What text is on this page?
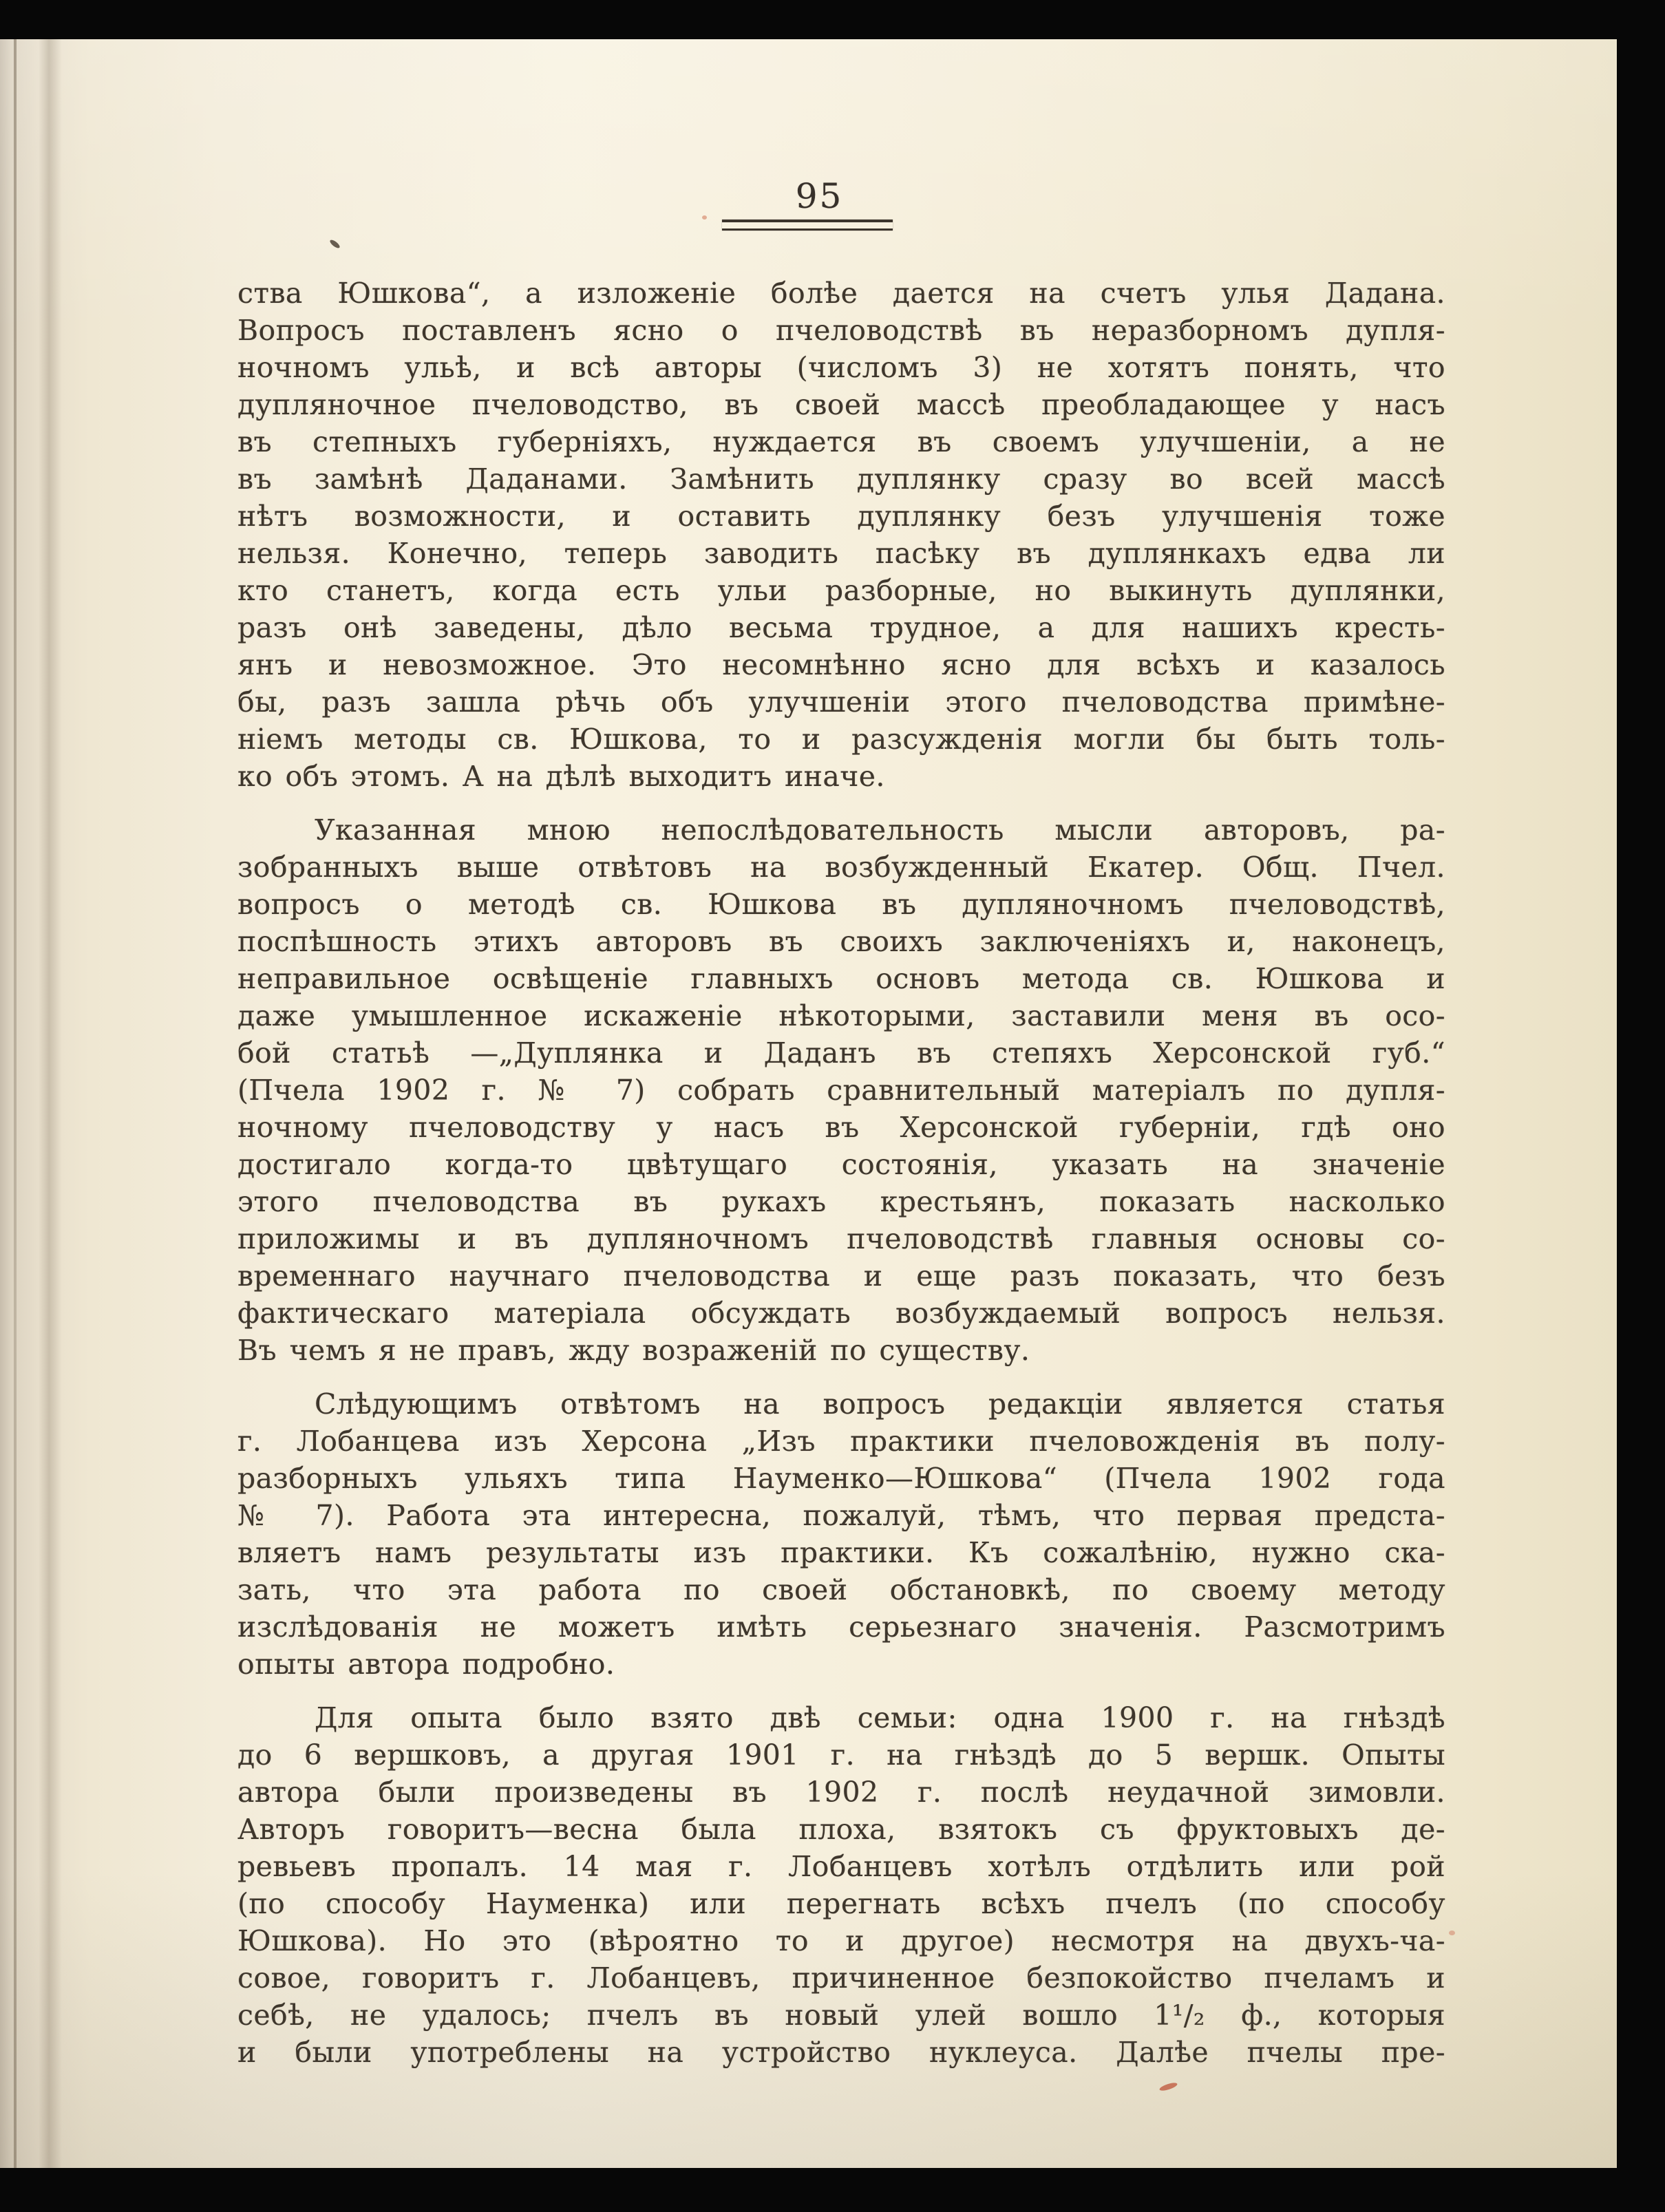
95

ства Юшкова“, а изложеніе болѣе дается на счетъ улья Дадана.
Вопросъ поставленъ ясно о пчеловодствѣ въ неразборномъ дупля-
ночномъ ульѣ, и всѣ авторы (числомъ 3) не хотятъ понять, что
дупляночное пчеловодство, въ своей массѣ преобладающее у насъ
въ степныхъ губерніяхъ, нуждается въ своемъ улучшеніи, а не
въ замѣнѣ Даданами. Замѣнить дуплянку сразу во всей массѣ
нѣтъ возможности, и оставить дуплянку безъ улучшенія тоже
нельзя. Конечно, теперь заводить пасѣку въ дуплянкахъ едва ли
кто станетъ, когда есть ульи разборные, но выкинуть дуплянки,
разъ онѣ заведены, дѣло весьма трудное, а для нашихъ кресть-
янъ и невозможное. Это несомнѣнно ясно для всѣхъ и казалось
бы, разъ зашла рѣчь объ улучшеніи этого пчеловодства примѣне-
ніемъ методы св. Юшкова, то и разсужденія могли бы быть толь-
ко объ этомъ. А на дѣлѣ выходитъ иначе.

Указанная мною непослѣдовательность мысли авторовъ, ра-
зобранныхъ выше отвѣтовъ на возбужденный Екатер. Общ. Пчел.
вопросъ о методѣ св. Юшкова въ дупляночномъ пчеловодствѣ,
поспѣшность этихъ авторовъ въ своихъ заключеніяхъ и, наконецъ,
неправильное освѣщеніе главныхъ основъ метода св. Юшкова и
даже умышленное искаженіе нѣкоторыми, заставили меня въ осо-
бой статьѣ —„Дуплянка и Даданъ въ степяхъ Херсонской губ.“
(Пчела 1902 г. № 7) собрать сравнительный матеріалъ по дупля-
ночному пчеловодству у насъ въ Херсонской губерніи, гдѣ оно
достигало когда-то цвѣтущаго состоянія, указать на значеніе
этого пчеловодства въ рукахъ крестьянъ, показать насколько
приложимы и въ дупляночномъ пчеловодствѣ главныя основы со-
временнаго научнаго пчеловодства и еще разъ показать, что безъ
фактическаго матеріала обсуждать возбуждаемый вопросъ нельзя.
Въ чемъ я не правъ, жду возраженій по существу.

Слѣдующимъ отвѣтомъ на вопросъ редакціи является статья
г. Лобанцева изъ Херсона „Изъ практики пчеловожденія въ полу-
разборныхъ ульяхъ типа Науменко—Юшкова“ (Пчела 1902 года
№ 7). Работа эта интересна, пожалуй, тѣмъ, что первая предста-
вляетъ намъ результаты изъ практики. Къ сожалѣнію, нужно ска-
зать, что эта работа по своей обстановкѣ, по своему методу
изслѣдованія не можетъ имѣть серьезнаго значенія. Разсмотримъ
опыты автора подробно.

Для опыта было взято двѣ семьи: одна 1900 г. на гнѣздѣ
до 6 вершковъ, а другая 1901 г. на гнѣздѣ до 5 вершк. Опыты
автора были произведены въ 1902 г. послѣ неудачной зимовли.
Авторъ говоритъ—весна была плоха, взятокъ съ фруктовыхъ де-
ревьевъ пропалъ. 14 мая г. Лобанцевъ хотѣлъ отдѣлить или рой
(по способу Науменка) или перегнать всѣхъ пчелъ (по способу
Юшкова). Но это (вѣроятно то и другое) несмотря на двухъ-ча-
совое, говоритъ г. Лобанцевъ, причиненное безпокойство пчеламъ и
себѣ, не удалось; пчелъ въ новый улей вошло 1¹/₂ ф., которыя
и были употреблены на устройство нуклеуса. Далѣе пчелы пре-
